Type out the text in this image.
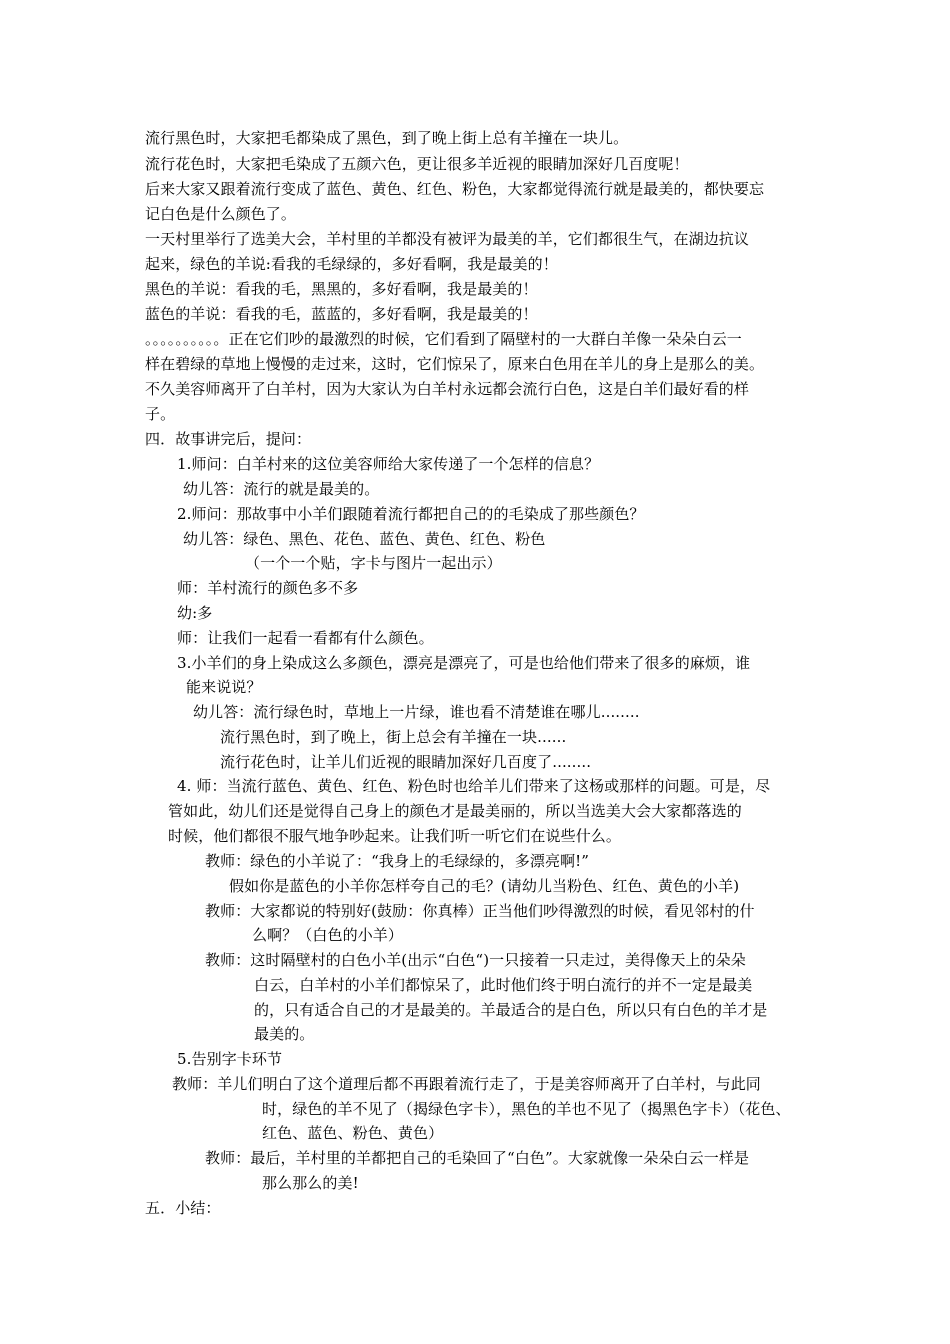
流行黑色时，大家把毛都染成了黑色，到了晚上街上总有羊撞在一块儿。
流行花色时，大家把毛染成了五颜六色，更让很多羊近视的眼睛加深好几百度呢！
后来大家又跟着流行变成了蓝色、黄色、红色、粉色，大家都觉得流行就是最美的，都快要忘
记白色是什么颜色了。
一天村里举行了选美大会，羊村里的羊都没有被评为最美的羊，它们都很生气，在湖边抗议
起来，绿色的羊说:看我的毛绿绿的，多好看啊，我是最美的！
黑色的羊说：看我的毛，黑黑的，多好看啊，我是最美的！
蓝色的羊说：看我的毛，蓝蓝的，多好看啊，我是最美的！
。。。。。。。。。。正在它们吵的最激烈的时候，它们看到了隔壁村的一大群白羊像一朵朵白云一
样在碧绿的草地上慢慢的走过来，这时，它们惊呆了，原来白色用在羊儿的身上是那么的美。
不久美容师离开了白羊村，因为大家认为白羊村永远都会流行白色，这是白羊们最好看的样
子。
四．故事讲完后，提问：
1.师问：白羊村来的这位美容师给大家传递了一个怎样的信息？
幼儿答：流行的就是最美的。
2.师问：那故事中小羊们跟随着流行都把自己的的毛染成了那些颜色？
幼儿答：绿色、黑色、花色、蓝色、黄色、红色、粉色
（一个一个贴，字卡与图片一起出示）
师：羊村流行的颜色多不多
幼:多
师：让我们一起看一看都有什么颜色。
3.小羊们的身上染成这么多颜色，漂亮是漂亮了，可是也给他们带来了很多的麻烦，谁
能来说说？
幼儿答：流行绿色时，草地上一片绿，谁也看不清楚谁在哪儿........
流行黑色时，到了晚上，街上总会有羊撞在一块......
流行花色时，让羊儿们近视的眼睛加深好几百度了........
4. 师：当流行蓝色、黄色、红色、粉色时也给羊儿们带来了这杨或那样的问题。可是，尽
管如此，幼儿们还是觉得自己身上的颜色才是最美丽的，所以当选美大会大家都落选的
时候，他们都很不服气地争吵起来。让我们听一听它们在说些什么。
教师：绿色的小羊说了：“我身上的毛绿绿的，多漂亮啊!”
假如你是蓝色的小羊你怎样夸自己的毛？(请幼儿当粉色、红色、黄色的小羊)
教师：大家都说的特别好(鼓励：你真棒）正当他们吵得激烈的时候，看见邻村的什
么啊？（白色的小羊）
教师：这时隔壁村的白色小羊(出示“白色“)一只接着一只走过，美得像天上的朵朵
白云，白羊村的小羊们都惊呆了，此时他们终于明白流行的并不一定是最美
的，只有适合自己的才是最美的。羊最适合的是白色，所以只有白色的羊才是
最美的。
5.告别字卡环节
教师：羊儿们明白了这个道理后都不再跟着流行走了，于是美容师离开了白羊村，与此同
时，绿色的羊不见了（揭绿色字卡），黑色的羊也不见了（揭黑色字卡）（花色、
红色、蓝色、粉色、黄色）
教师：最后，羊村里的羊都把自己的毛染回了“白色”。大家就像一朵朵白云一样是
那么那么的美!
五．小结：
